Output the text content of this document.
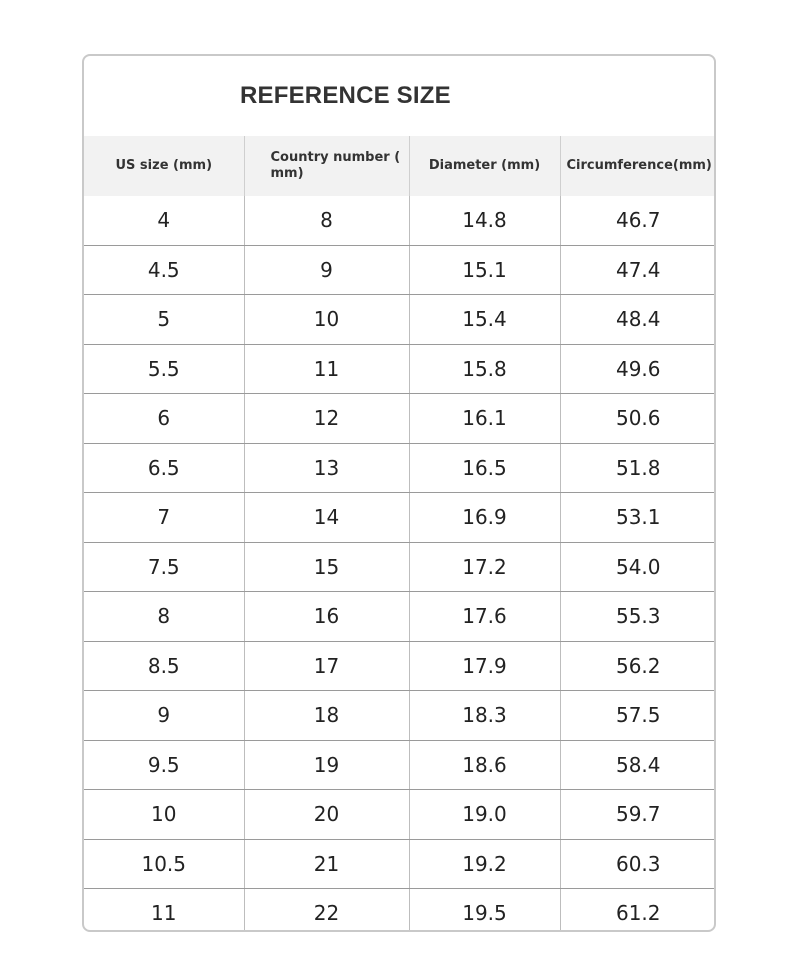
REFERENCE SIZE
US size (mm)	Country number ( mm)	Diameter (mm)	Circumference(mm)
4	8	14.8	46.7
4.5	9	15.1	47.4
5	10	15.4	48.4
5.5	11	15.8	49.6
6	12	16.1	50.6
6.5	13	16.5	51.8
7	14	16.9	53.1
7.5	15	17.2	54.0
8	16	17.6	55.3
8.5	17	17.9	56.2
9	18	18.3	57.5
9.5	19	18.6	58.4
10	20	19.0	59.7
10.5	21	19.2	60.3
11	22	19.5	61.2
